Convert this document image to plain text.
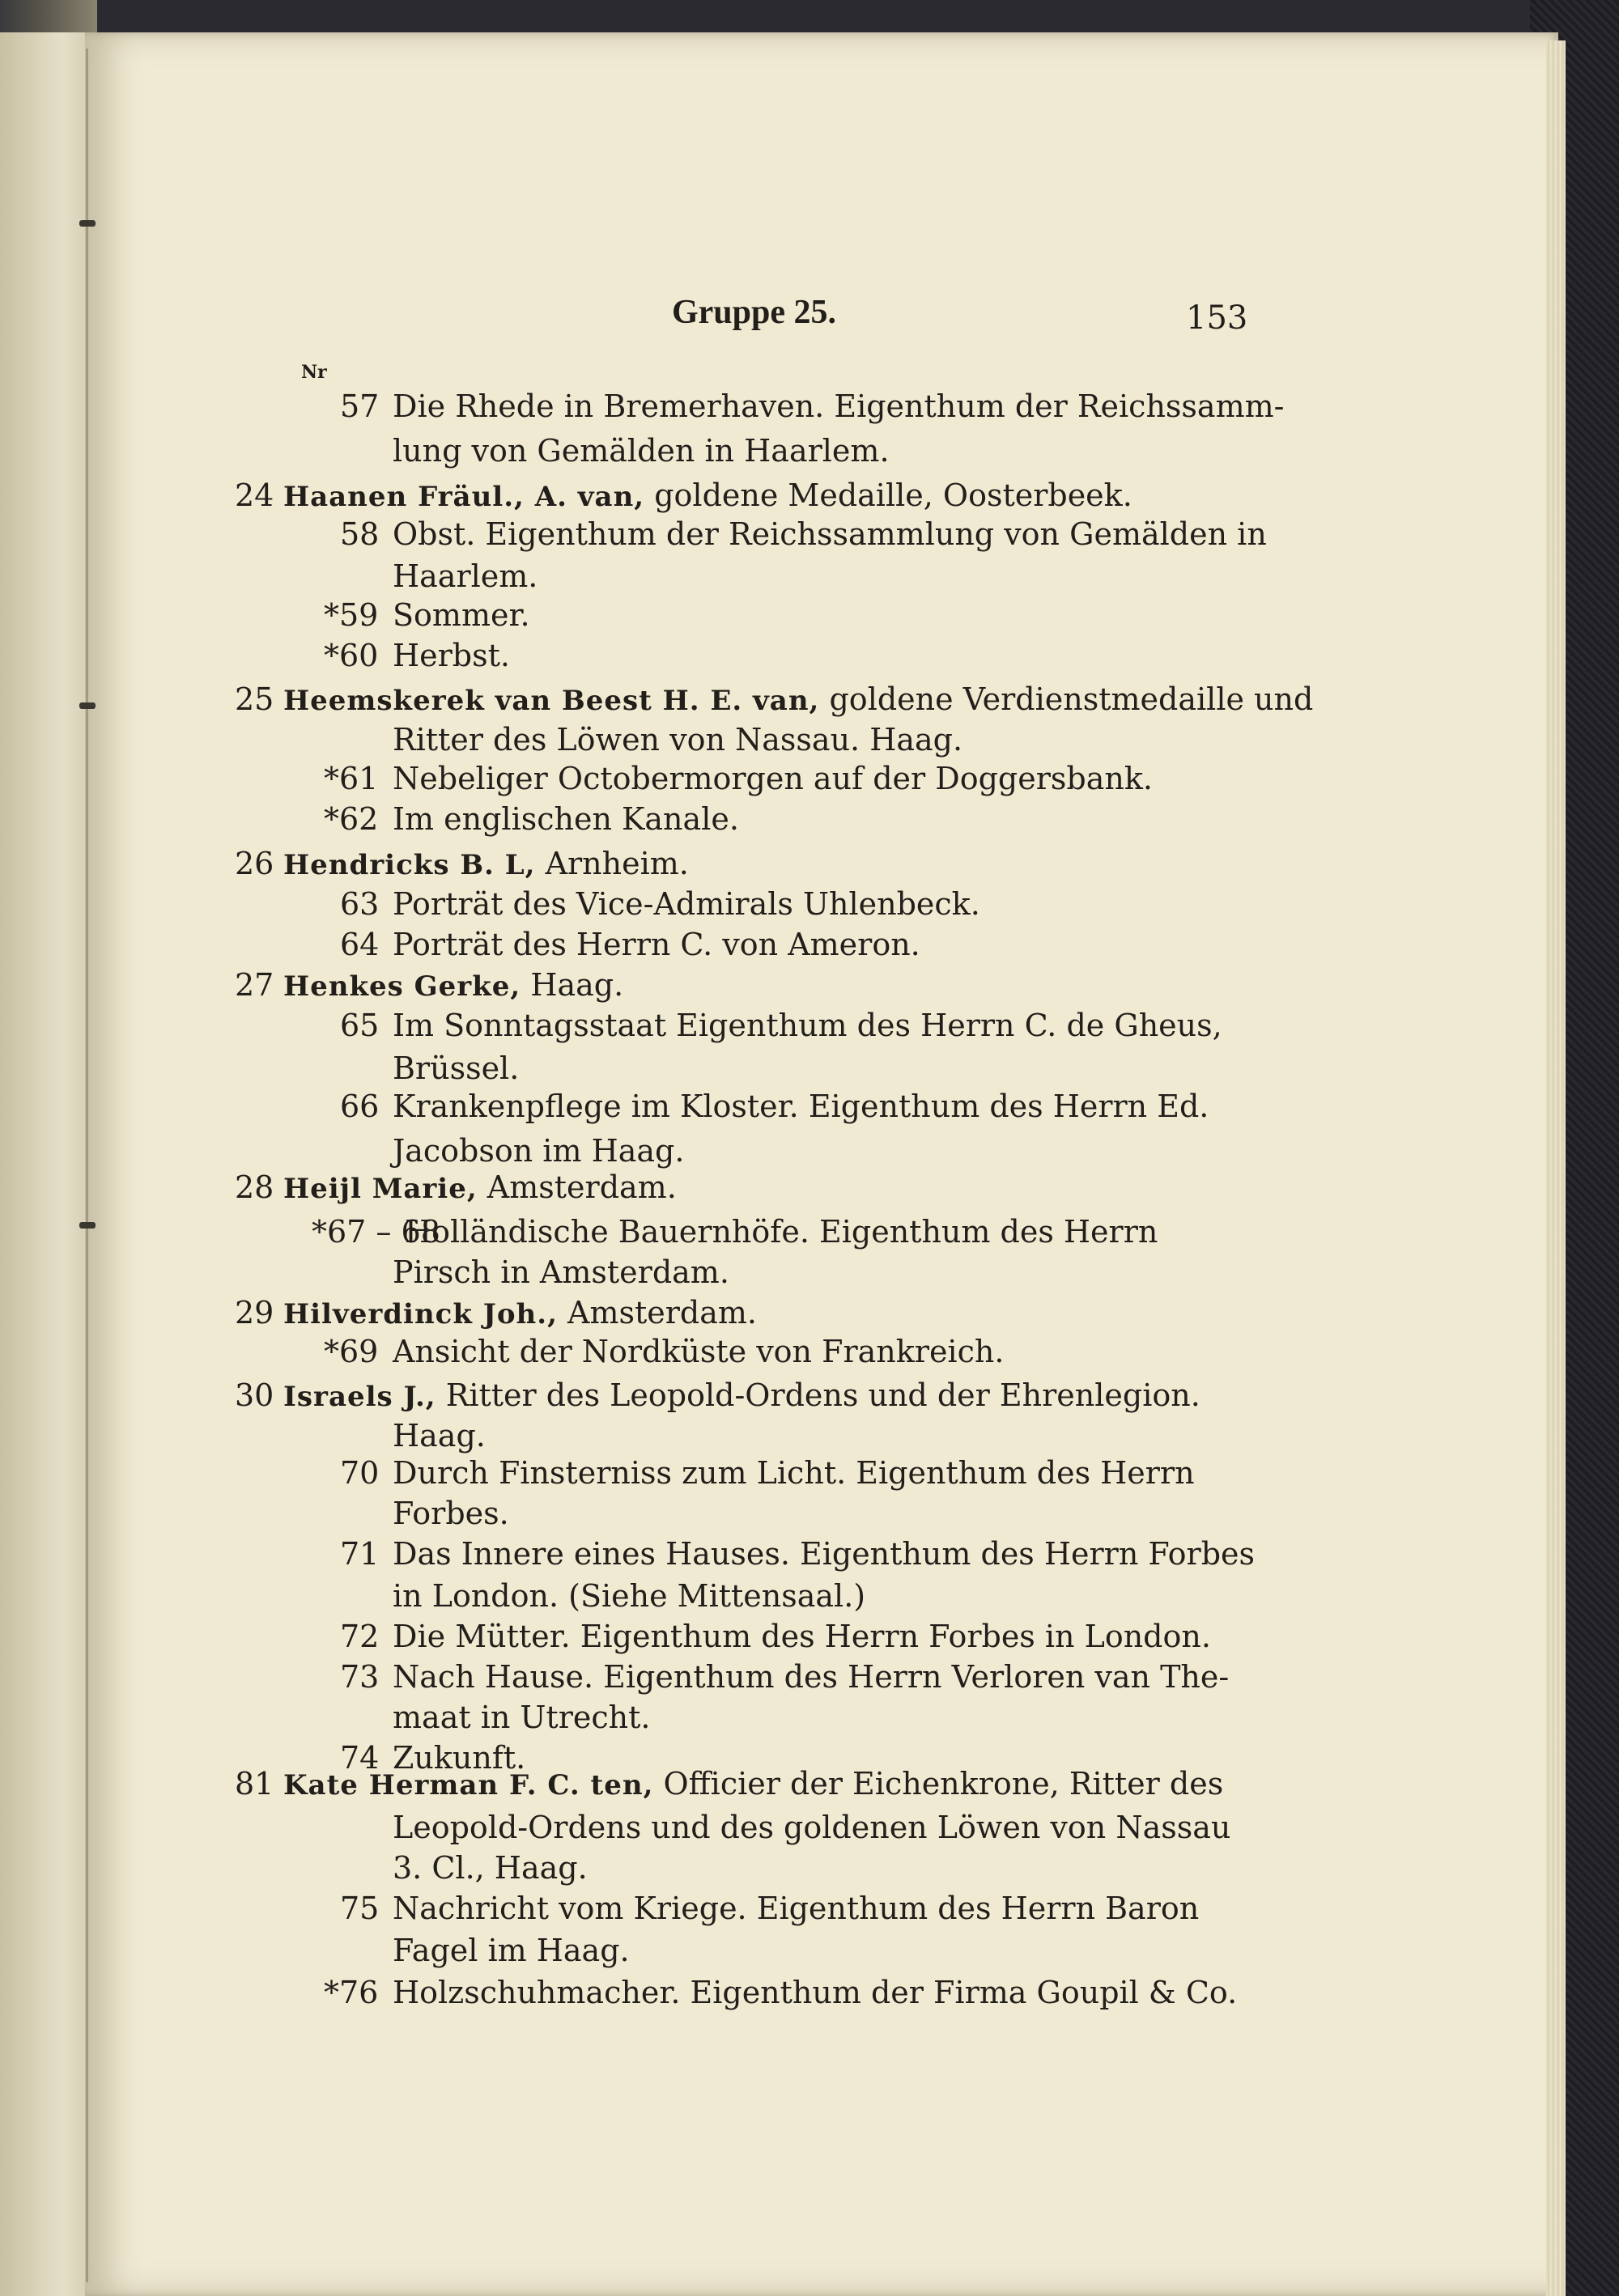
Gruppe 25.	153
Nr
57 Die Rhede in Bremerhaven. Eigenthum der Reichssamm-
lung von Gemälden in Haarlem.
24 Haanen Fräul., A. van, goldene Medaille, Oosterbeek.
58 Obst. Eigenthum der Reichssammlung von Gemälden in
Haarlem.
*59 Sommer.
*60 Herbst.
25 Heemskerek van Beest H. E. van, goldene Verdienstmedaille und
Ritter des Löwen von Nassau. Haag.
*61 Nebeliger Octobermorgen auf der Doggersbank.
*62 Im englischen Kanale.
26 Hendricks B. L, Arnheim.
63 Porträt des Vice-Admirals Uhlenbeck.
64 Porträt des Herrn C. von Ameron.
27 Henkes Gerke, Haag.
65 Im Sonntagsstaat Eigenthum des Herrn C. de Gheus,
Brüssel.
66 Krankenpflege im Kloster. Eigenthum des Herrn Ed.
Jacobson im Haag.
28 Heijl Marie, Amsterdam.
*67 – 68
Holländische Bauernhöfe. Eigenthum des Herrn
Pirsch in Amsterdam.
29 Hilverdinck Joh., Amsterdam.
*69 Ansicht der Nordküste von Frankreich.
30 Israels J., Ritter des Leopold-Ordens und der Ehrenlegion.
Haag.
70 Durch Finsterniss zum Licht. Eigenthum des Herrn
Forbes.
71 Das Innere eines Hauses. Eigenthum des Herrn Forbes
in London. (Siehe Mittensaal.)
72 Die Mütter. Eigenthum des Herrn Forbes in London.
73 Nach Hause. Eigenthum des Herrn Verloren van The-
maat in Utrecht.
74 Zukunft.
81 Kate Herman F. C. ten, Officier der Eichenkrone, Ritter des
Leopold-Ordens und des goldenen Löwen von Nassau
3. Cl., Haag.
75 Nachricht vom Kriege. Eigenthum des Herrn Baron
Fagel im Haag.
*76 Holzschuhmacher. Eigenthum der Firma Goupil & Co.
